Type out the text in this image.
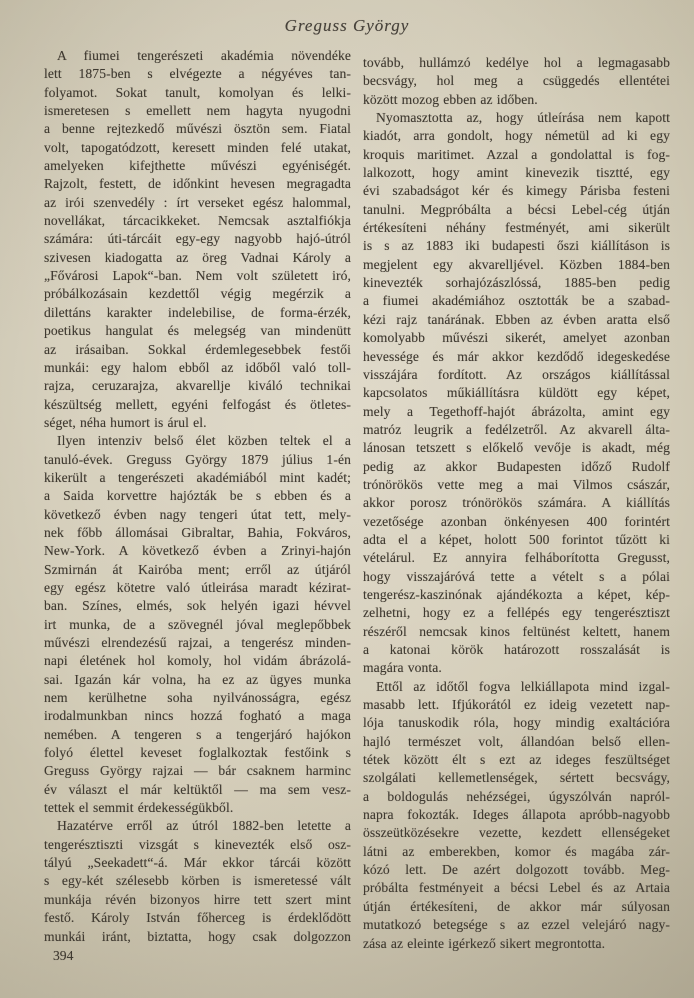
Greguss György
A fiumei tengerészeti akadémia növendéke
lett 1875-ben s elvégezte a négyéves tan-
folyamot. Sokat tanult, komolyan és lelki-
ismeretesen s emellett nem hagyta nyugodni
a benne rejtezkedő művészi ösztön sem. Fiatal
volt, tapogatódzott, keresett minden felé utakat,
amelyeken kifejthette művészi egyéniségét.
Rajzolt, festett, de időnkint hevesen megragadta
az irói szenvedély : írt verseket egész halommal,
novellákat, tárcacikkeket. Nemcsak asztalfiókja
számára: úti-tárcáit egy-egy nagyobb hajó-útról
szivesen kiadogatta az öreg Vadnai Károly a
„Fővárosi Lapok“-ban. Nem volt született iró,
próbálkozásain kezdettől végig megérzik a
dilettáns karakter indelebilise, de forma-érzék,
poetikus hangulat és melegség van mindenütt
az irásaiban. Sokkal érdemlegesebbek festői
munkái: egy halom ebből az időből való toll-
rajza, ceruzarajza, akvarellje kiváló technikai
készültség mellett, egyéni felfogást és ötletes-
séget, néha humort is árul el.
Ilyen intenziv belső élet közben teltek el a
tanuló-évek. Greguss György 1879 július 1-én
kikerült a tengerészeti akadémiából mint kadét;
a Saida korvettre hajózták be s ebben és a
következő évben nagy tengeri útat tett, mely-
nek főbb állomásai Gibraltar, Bahia, Fokváros,
New-York. A következő évben a Zrinyi-hajón
Szmirnán át Kairóba ment; erről az útjáról
egy egész kötetre való útleirása maradt kézirat-
ban. Színes, elmés, sok helyén igazi hévvel
irt munka, de a szövegnél jóval meglepőbbek
művészi elrendezésű rajzai, a tengerész minden-
napi életének hol komoly, hol vidám ábrázolá-
sai. Igazán kár volna, ha ez az ügyes munka
nem kerülhetne soha nyilvánosságra, egész
irodalmunkban nincs hozzá fogható a maga
nemében. A tengeren s a tengerjáró hajókon
folyó élettel keveset foglalkoztak festőink s
Greguss György rajzai — bár csaknem harminc
év választ el már keltüktől — ma sem vesz-
tettek el semmit érdekességükből.
Hazatérve erről az útról 1882-ben letette a
tengerésztiszti vizsgát s kinevezték első osz-
tályú „Seekadett“-á. Már ekkor tárcái között
s egy-két szélesebb körben is ismeretessé vált
munkája révén bizonyos hirre tett szert mint
festő. Károly István főherceg is érdeklődött
munkái iránt, biztatta, hogy csak dolgozzon
394
tovább, hullámzó kedélye hol a legmagasabb
becsvágy, hol meg a csüggedés ellentétei
között mozog ebben az időben.
Nyomasztotta az, hogy útleírása nem kapott
kiadót, arra gondolt, hogy németül ad ki egy
kroquis maritimet. Azzal a gondolattal is fog-
lalkozott, hogy amint kinevezik tisztté, egy
évi szabadságot kér és kimegy Párisba festeni
tanulni. Megpróbálta a bécsi Lebel-cég útján
értékesíteni néhány festményét, ami sikerült
is s az 1883 iki budapesti őszi kiállításon is
megjelent egy akvarelljével. Közben 1884-ben
kinevezték sorhajózászlóssá, 1885-ben pedig
a fiumei akadémiához osztották be a szabad-
kézi rajz tanárának. Ebben az évben aratta első
komolyabb művészi sikerét, amelyet azonban
hevessége és már akkor kezdődő idegeskedése
visszájára fordított. Az országos kiállítással
kapcsolatos műkiállításra küldött egy képet,
mely a Tegethoff-hajót ábrázolta, amint egy
matróz leugrik a fedélzetről. Az akvarell álta-
lánosan tetszett s előkelő vevője is akadt, még
pedig az akkor Budapesten időző Rudolf
trónörökös vette meg a mai Vilmos császár,
akkor porosz trónörökös számára. A kiállítás
vezetősége azonban önkényesen 400 forintért
adta el a képet, holott 500 forintot tűzött ki
vételárul. Ez annyira felháborította Gregusst,
hogy visszajáróvá tette a vételt s a pólai
tengerész-kaszinónak ajándékozta a képet, kép-
zelhetni, hogy ez a fellépés egy tengerésztiszt
részéről nemcsak kinos feltünést keltett, hanem
a katonai körök határozott rosszalását is
magára vonta.
Ettől az időtől fogva lelkiállapota mind izgal-
masabb lett. Ifjúkorától ez ideig vezetett nap-
lója tanuskodik róla, hogy mindig exaltációra
hajló természet volt, állandóan belső ellen-
tétek között élt s ezt az ideges feszültséget
szolgálati kellemetlenségek, sértett becsvágy,
a boldogulás nehézségei, úgyszólván napról-
napra fokozták. Ideges állapota apróbb-nagyobb
összeütközésekre vezette, kezdett ellenségeket
látni az emberekben, komor és magába zár-
kózó lett. De azért dolgozott tovább. Meg-
próbálta festményeit a bécsi Lebel és az Artaia
útján értékesíteni, de akkor már súlyosan
mutatkozó betegsége s az ezzel velejáró nagy-
zása az eleinte igérkező sikert megrontotta.
